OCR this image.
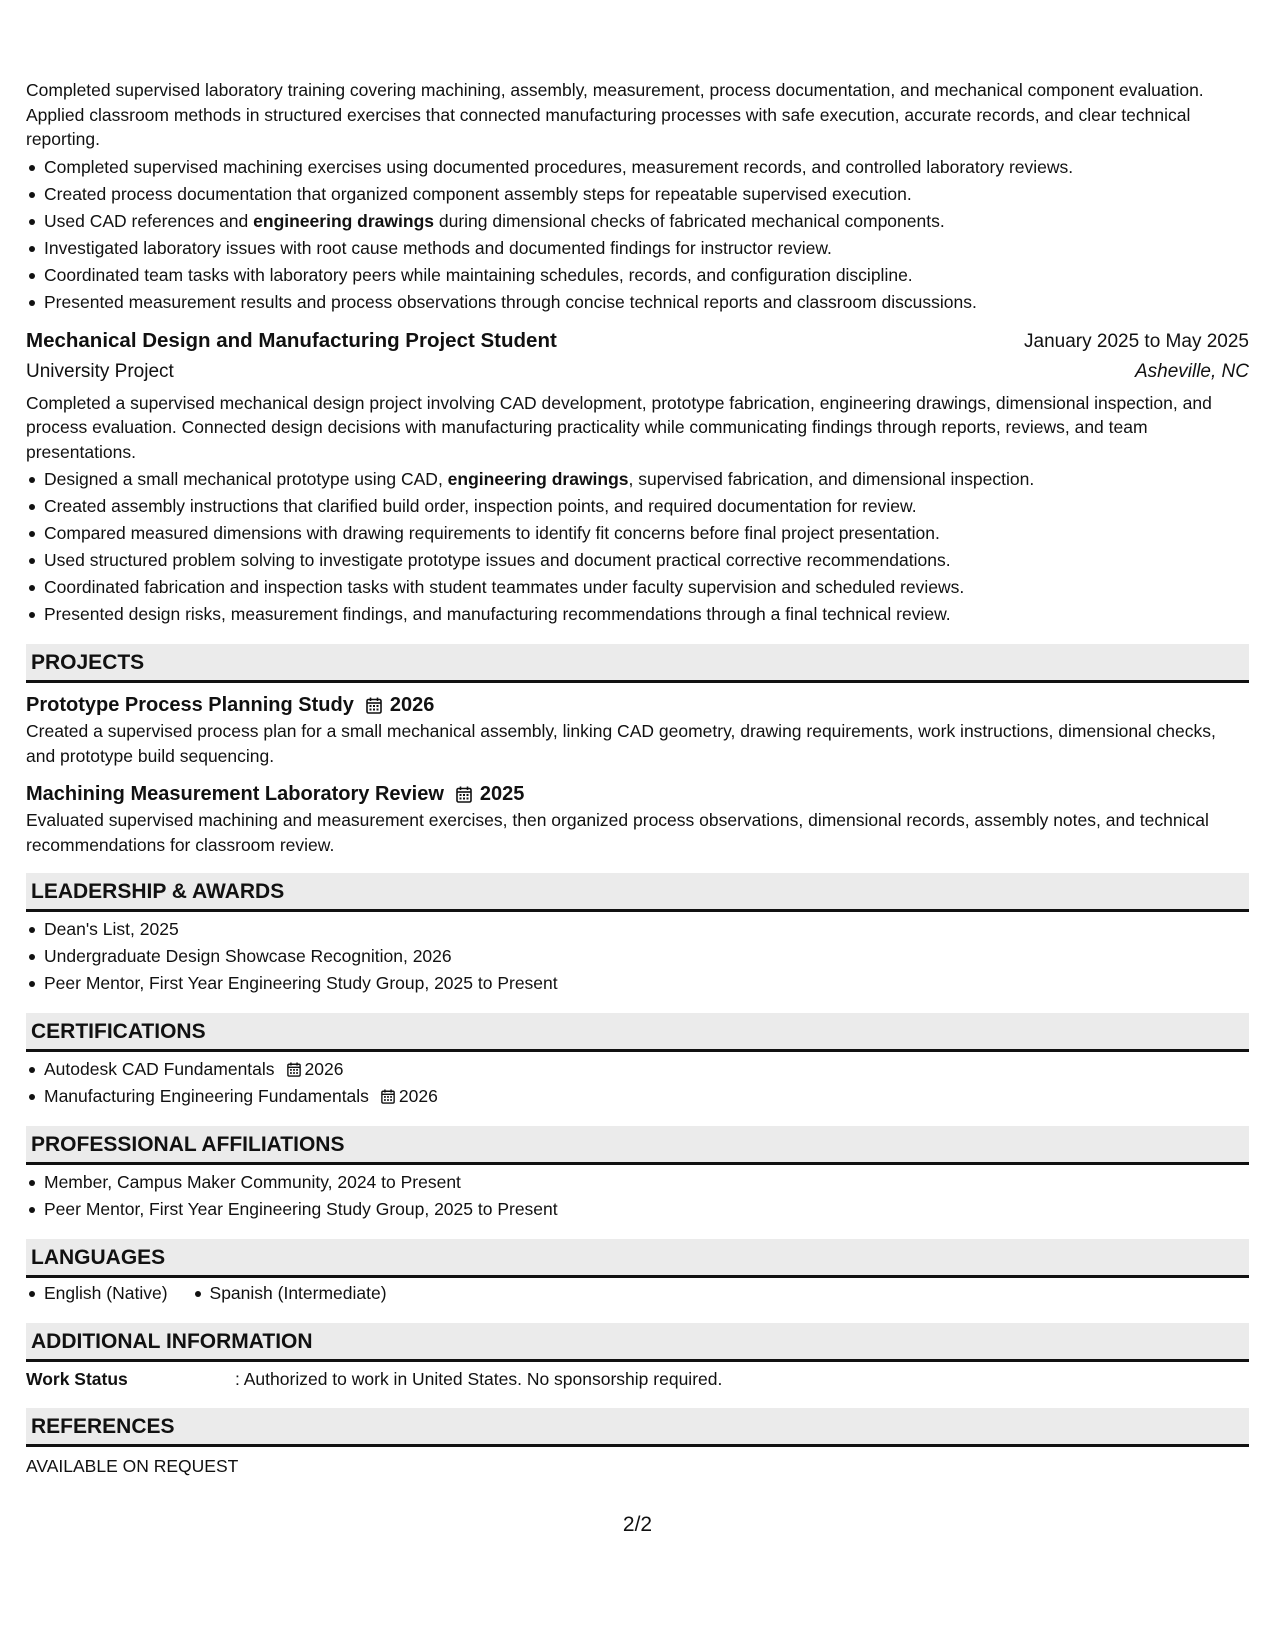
Completed supervised laboratory training covering machining, assembly, measurement, process documentation, and mechanical component evaluation. Applied classroom methods in structured exercises that connected manufacturing processes with safe execution, accurate records, and clear technical reporting.

Completed supervised machining exercises using documented procedures, measurement records, and controlled laboratory reviews.
Created process documentation that organized component assembly steps for repeatable supervised execution.
Used CAD references and engineering drawings during dimensional checks of fabricated mechanical components.
Investigated laboratory issues with root cause methods and documented findings for instructor review.
Coordinated team tasks with laboratory peers while maintaining schedules, records, and configuration discipline.
Presented measurement results and process observations through concise technical reports and classroom discussions.
Mechanical Design and Manufacturing Project Student	January 2025 to May 2025
University Project	Asheville, NC

Completed a supervised mechanical design project involving CAD development, prototype fabrication, engineering drawings, dimensional inspection, and process evaluation. Connected design decisions with manufacturing practicality while communicating findings through reports, reviews, and team presentations.

Designed a small mechanical prototype using CAD, engineering drawings, supervised fabrication, and dimensional inspection.
Created assembly instructions that clarified build order, inspection points, and required documentation for review.
Compared measured dimensions with drawing requirements to identify fit concerns before final project presentation.
Used structured problem solving to investigate prototype issues and document practical corrective recommendations.
Coordinated fabrication and inspection tasks with student teammates under faculty supervision and scheduled reviews.
Presented design risks, measurement findings, and manufacturing recommendations through a final technical review.
PROJECTS
Prototype Process Planning Study 2026

Created a supervised process plan for a small mechanical assembly, linking CAD geometry, drawing requirements, work instructions, dimensional checks, and prototype build sequencing.

Machining Measurement Laboratory Review 2025

Evaluated supervised machining and measurement exercises, then organized process observations, dimensional records, assembly notes, and technical recommendations for classroom review.

LEADERSHIP & AWARDS
Dean's List, 2025
Undergraduate Design Showcase Recognition, 2026
Peer Mentor, First Year Engineering Study Group, 2025 to Present
CERTIFICATIONS
Autodesk CAD Fundamentals 2026
Manufacturing Engineering Fundamentals 2026
PROFESSIONAL AFFILIATIONS
Member, Campus Maker Community, 2024 to Present
Peer Mentor, First Year Engineering Study Group, 2025 to Present
LANGUAGES
English (Native)	Spanish (Intermediate)
ADDITIONAL INFORMATION
Work Status	: Authorized to work in United States. No sponsorship required.
REFERENCES

AVAILABLE ON REQUEST

2/2
